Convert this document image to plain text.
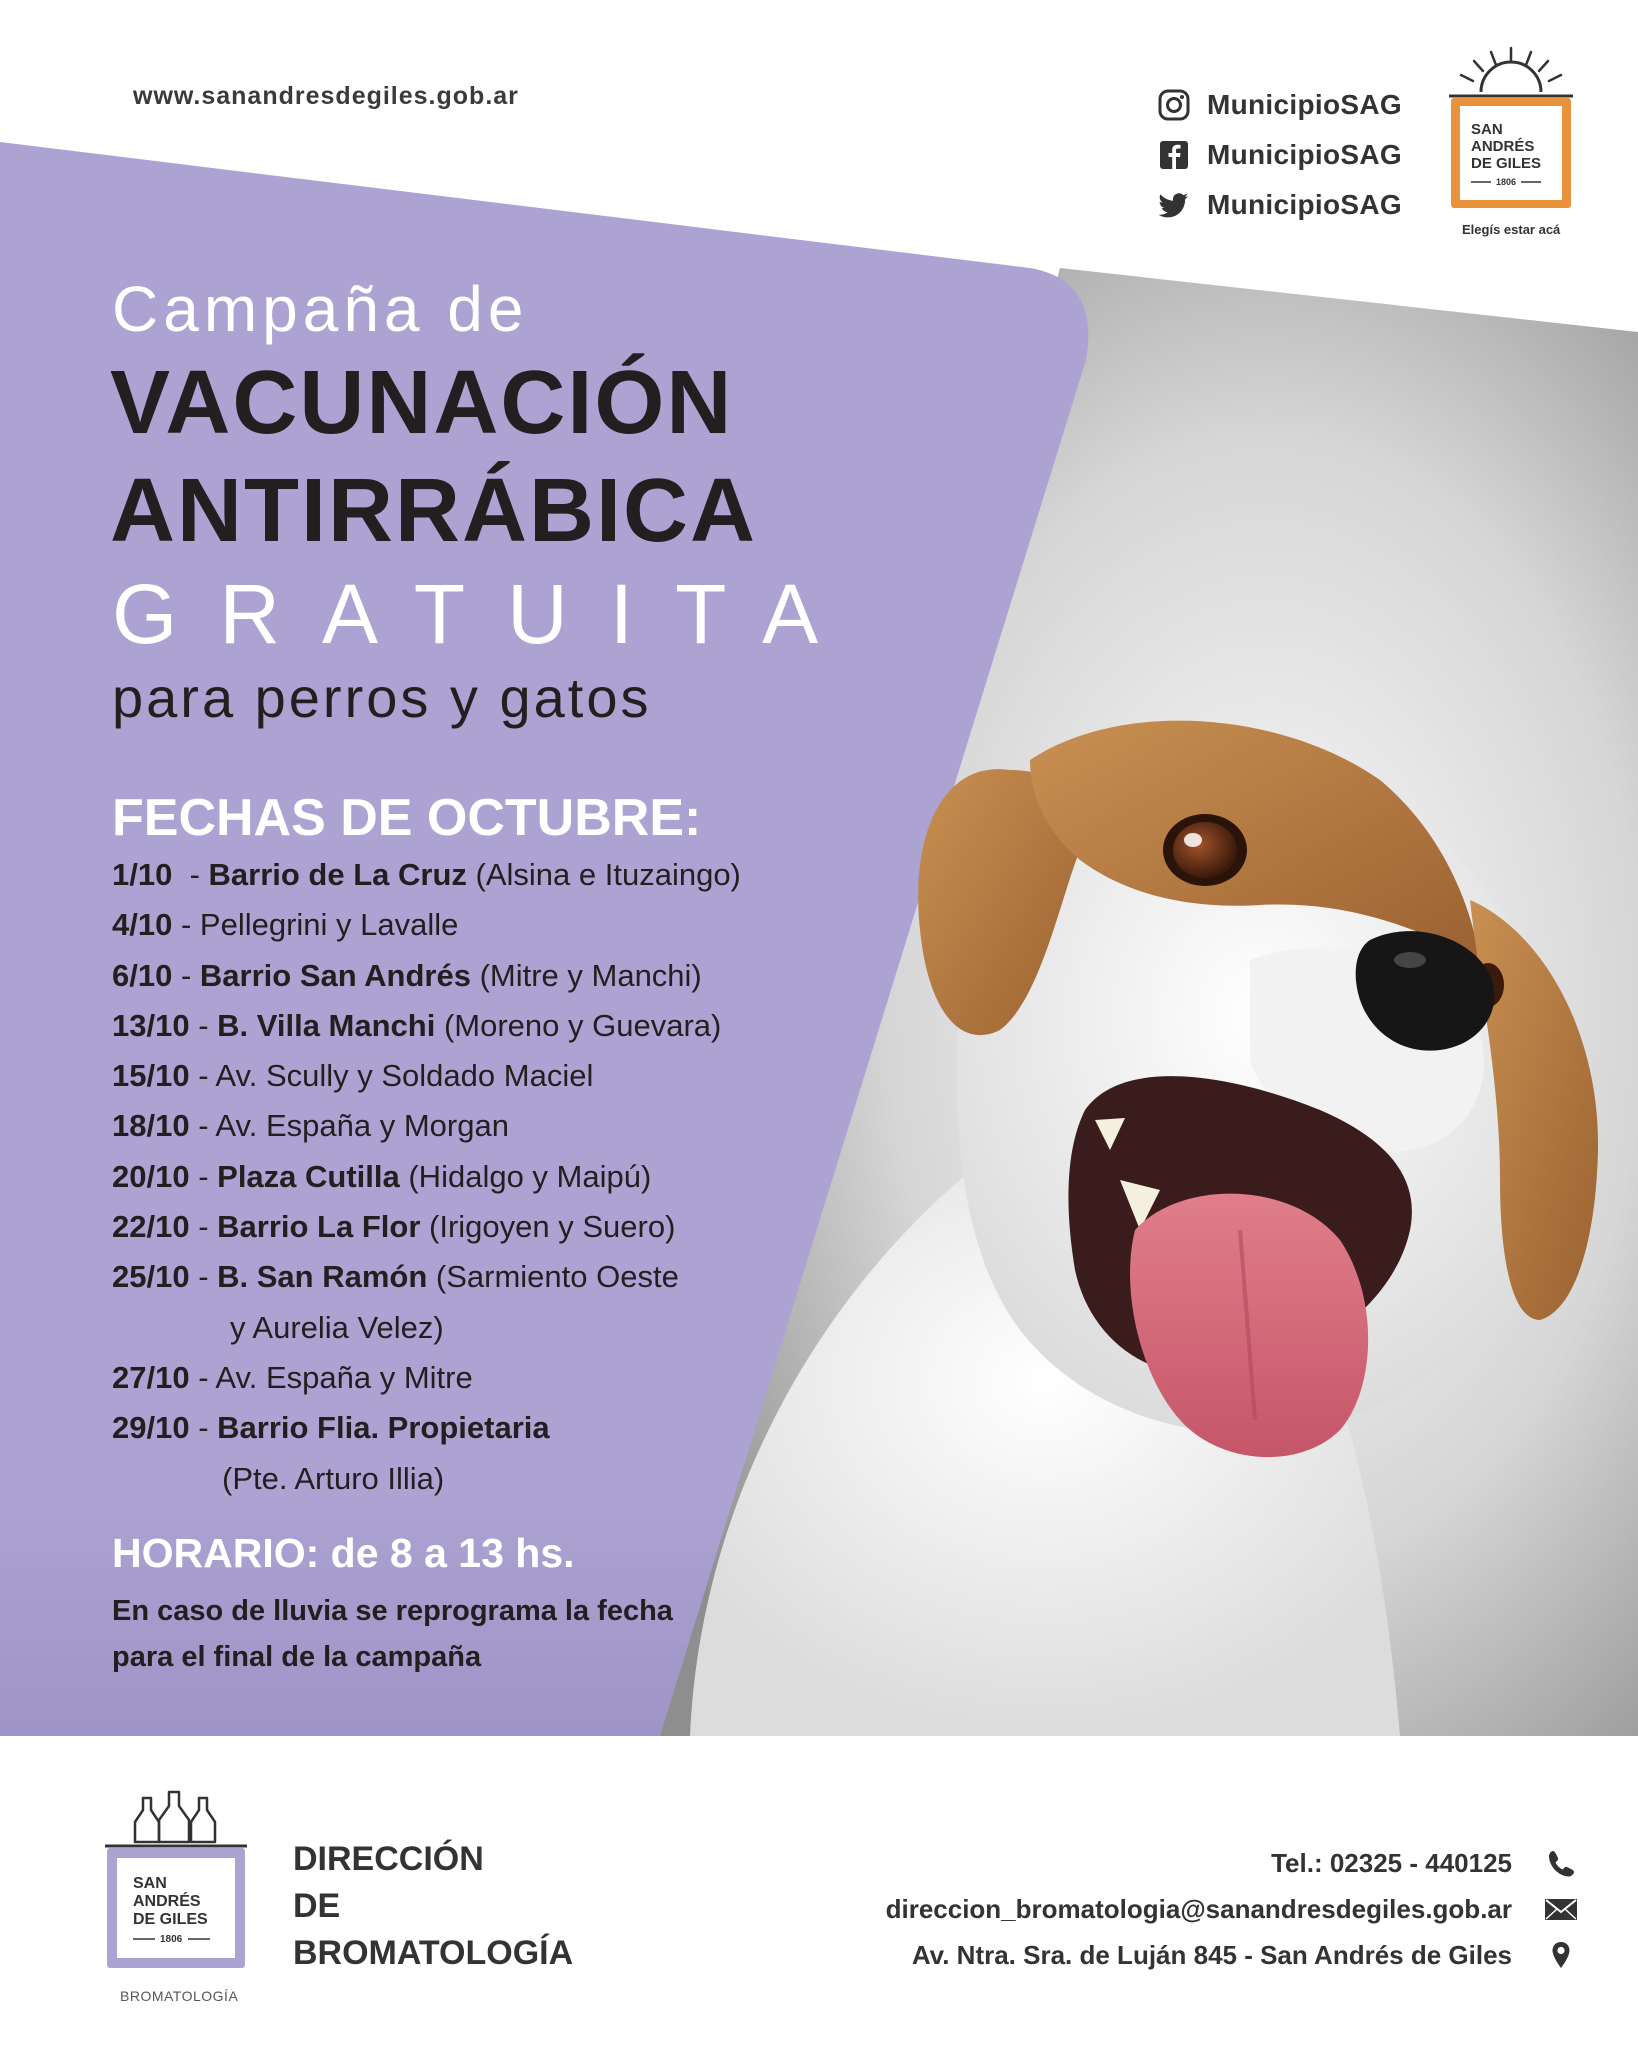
www.sanandresdegiles.gob.ar	MunicipioSAG
MunicipioSAG
MunicipioSAG
SAN
ANDRÉS
DE GILES
1806
Elegís estar acá
Campaña de
VACUNACIÓN
ANTIRRÁBICA
GRATUITA
para perros y gatos
FECHAS DE OCTUBRE:
1/10  - Barrio de La Cruz (Alsina e Ituzaingo)
4/10 - Pellegrini y Lavalle
6/10 - Barrio San Andrés (Mitre y Manchi)
13/10 - B. Villa Manchi (Moreno y Guevara)
15/10 - Av. Scully y Soldado Maciel
18/10 - Av. España y Morgan
20/10 - Plaza Cutilla (Hidalgo y Maipú)
22/10 - Barrio La Flor (Irigoyen y Suero)
25/10 - B. San Ramón (Sarmiento Oeste
y Aurelia Velez)
27/10 - Av. España y Mitre
29/10 - Barrio Flia. Propietaria
(Pte. Arturo Illia)
HORARIO: de 8 a 13 hs.
En caso de lluvia se reprograma la fecha para el final de la campaña
SAN
ANDRÉS
DE GILES
1806
BROMATOLOGÍA
DIRECCIÓN
DE
BROMATOLOGÍA
Tel.: 02325 - 440125
direccion_bromatologia@sanandresdegiles.gob.ar
Av. Ntra. Sra. de Luján 845 - San Andrés de Giles
